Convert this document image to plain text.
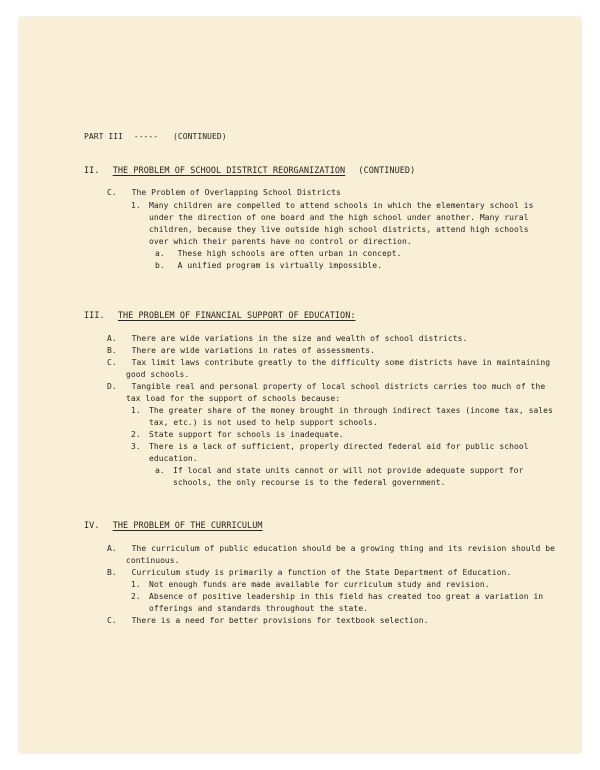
PART III ----- (CONTINUED)
II. THE PROBLEM OF SCHOOL DISTRICT REORGANIZATION (CONTINUED)
C. The Problem of Overlapping School Districts
1. Many children are compelled to attend schools in which the elementary school is
under the direction of one board and the high school under another. Many rural
children, because they live outside high school districts, attend high schools
over which their parents have no control or direction.
a. These high schools are often urban in concept.
b. A unified program is virtually impossible.
III. THE PROBLEM OF FINANCIAL SUPPORT OF EDUCATION:
A. There are wide variations in the size and wealth of school districts.
B. There are wide variations in rates of assessments.
C. Tax limit laws contribute greatly to the difficulty some districts have in maintaining
good schools.
D. Tangible real and personal property of local school districts carries too much of the
tax load for the support of schools because:
1. The greater share of the money brought in through indirect taxes (income tax, sales
tax, etc.) is not used to help support schools.
2. State support for schools is inadequate.
3. There is a lack of sufficient, properly directed federal aid for public school
education.
a. If local and state units cannot or will not provide adequate support for
schools, the only recourse is to the federal government.
IV. THE PROBLEM OF THE CURRICULUM
A. The curriculum of public education should be a growing thing and its revision should be
continuous.
B. Curriculum study is primarily a function of the State Department of Education.
1. Not enough funds are made available for curriculum study and revision.
2. Absence of positive leadership in this field has created too great a variation in
offerings and standards throughout the state.
C. There is a need for better provisions for textbook selection.
